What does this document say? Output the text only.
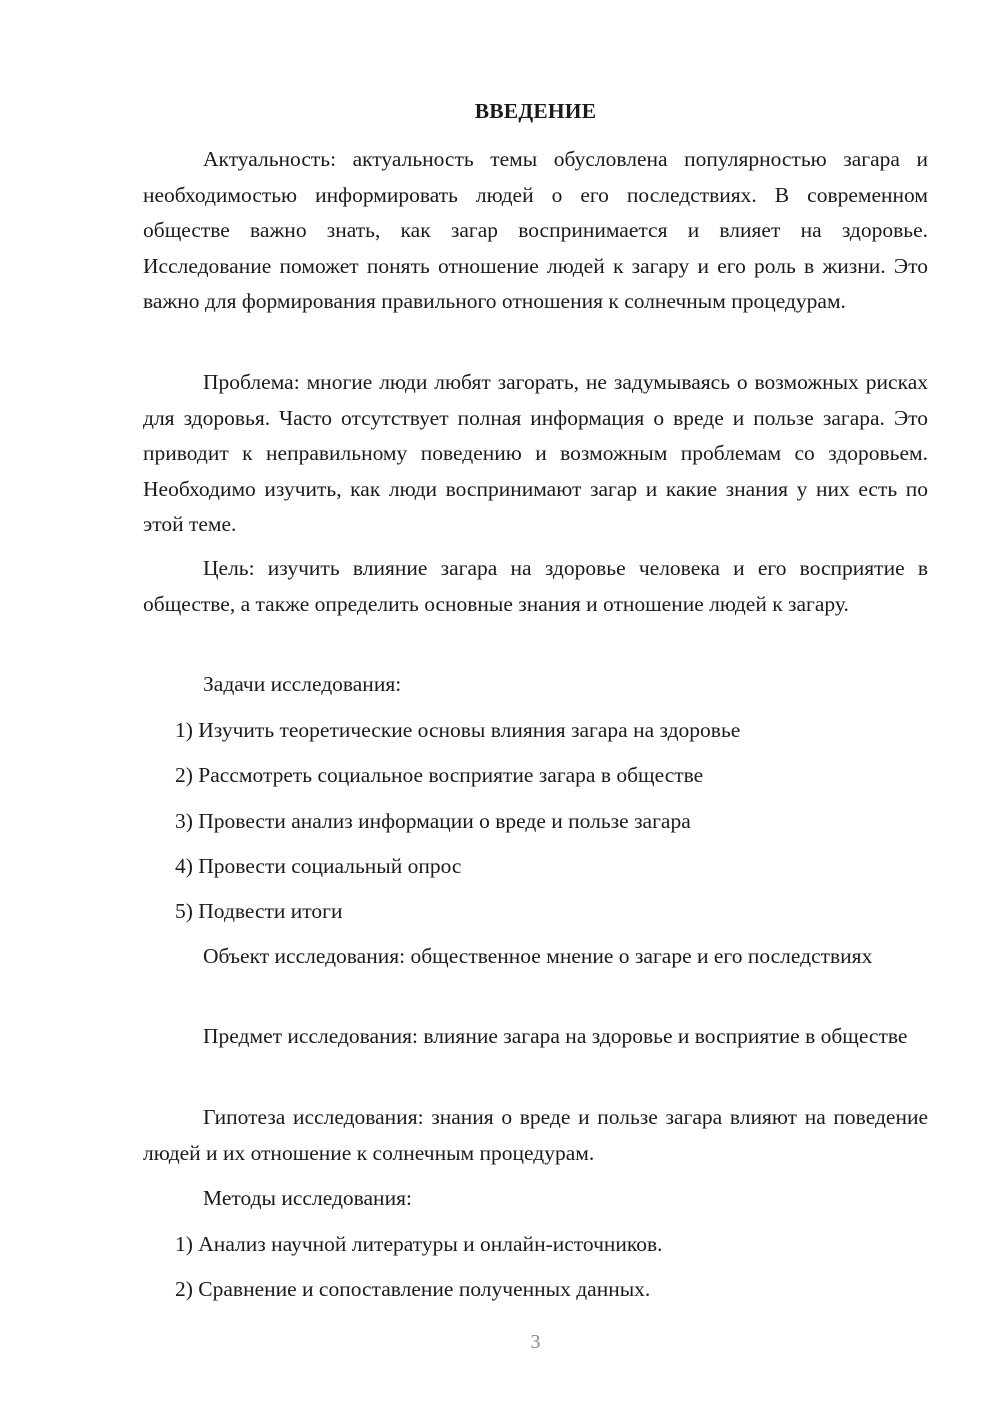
ВВЕДЕНИЕ

Актуальность: актуальность темы обусловлена популярностью загара и необходимостью информировать людей о его последствиях. В современном обществе важно знать, как загар воспринимается и влияет на здоровье. Исследование поможет понять отношение людей к загару и его роль в жизни. Это важно для формирования правильного отношения к солнечным процедурам.

Проблема: многие люди любят загорать, не задумываясь о возможных рисках для здоровья. Часто отсутствует полная информация о вреде и пользе загара. Это приводит к неправильному поведению и возможным проблемам со здоровьем. Необходимо изучить, как люди воспринимают загар и какие знания у них есть по этой теме.

Цель: изучить влияние загара на здоровье человека и его восприятие в обществе, а также определить основные знания и отношение людей к загару.

Задачи исследования:

1) Изучить теоретические основы влияния загара на здоровье

2) Рассмотреть социальное восприятие загара в обществе

3) Провести анализ информации о вреде и пользе загара

4) Провести социальный опрос

5) Подвести итоги

Объект исследования: общественное мнение о загаре и его последствиях

Предмет исследования: влияние загара на здоровье и восприятие в обществе

Гипотеза исследования: знания о вреде и пользе загара влияют на поведение людей и их отношение к солнечным процедурам.

Методы исследования:

1) Анализ научной литературы и онлайн-источников.

2) Сравнение и сопоставление полученных данных.

3
